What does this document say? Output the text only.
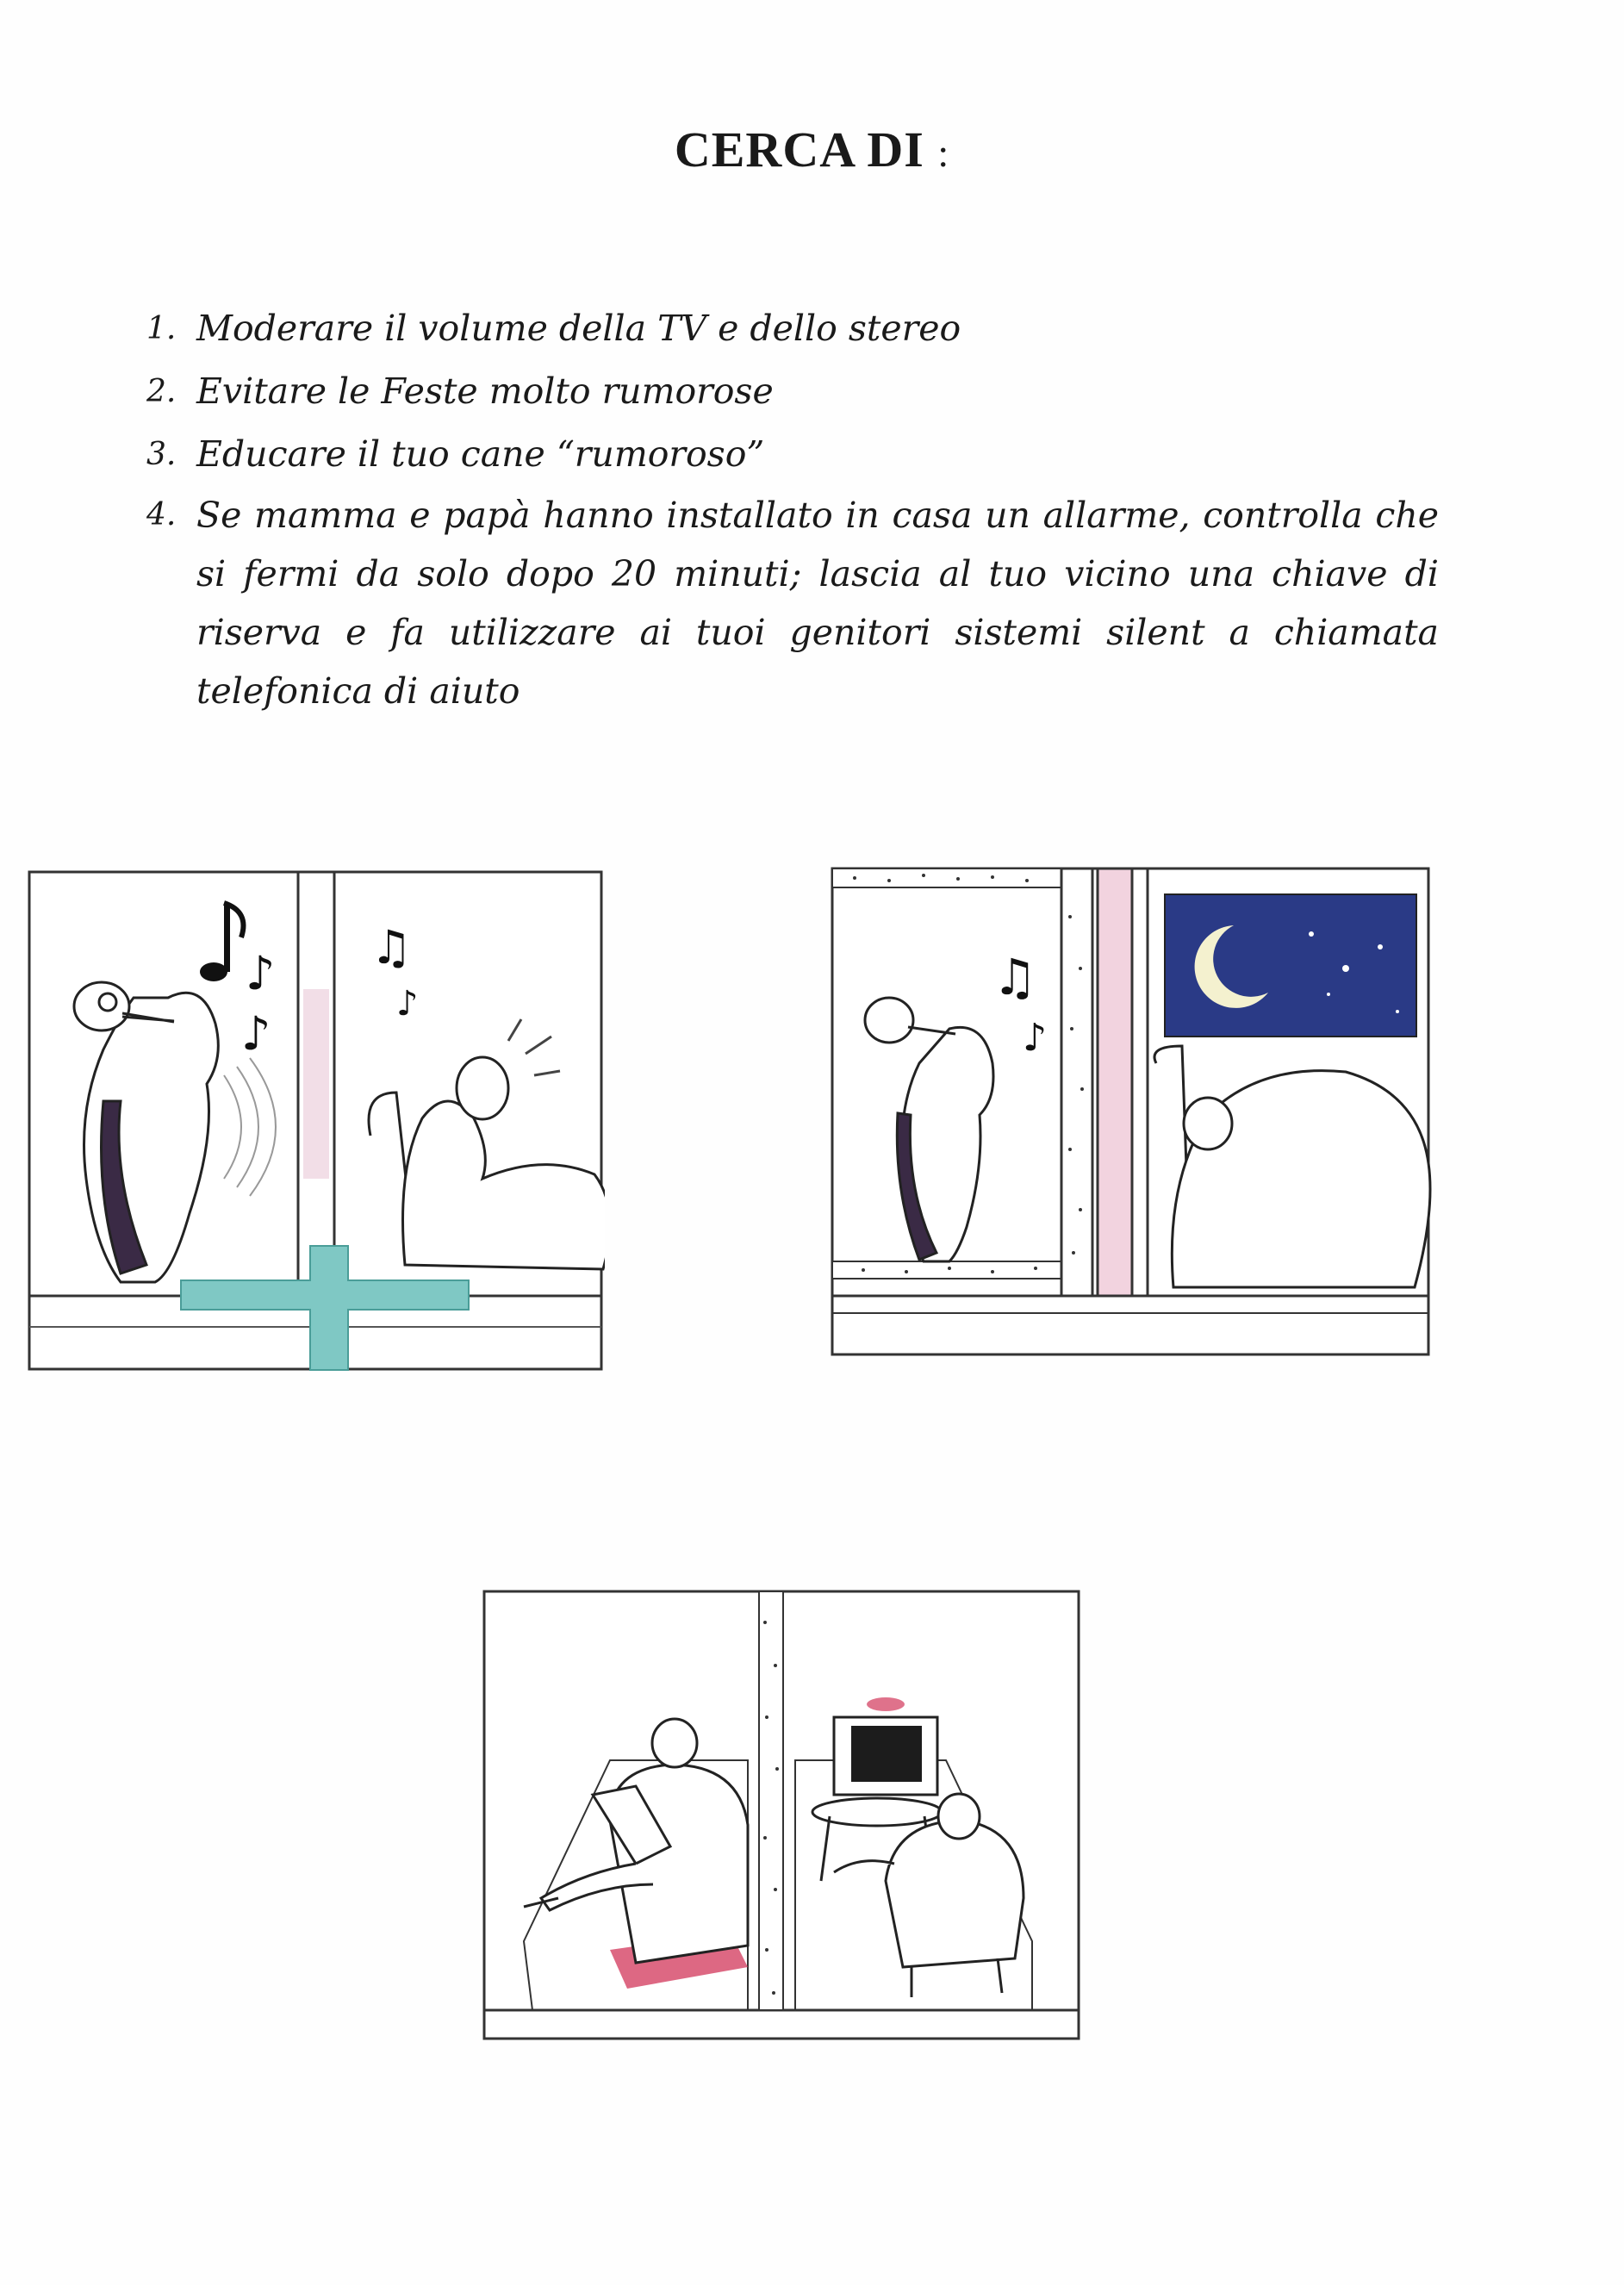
CERCA DI :
1. Moderare il volume della TV e dello stereo
2. Evitare le Feste molto rumorose
3. Educare il tuo cane “rumoroso”
4. Se mamma e papà hanno installato in casa un allarme, controlla che si fermi da solo dopo 20 minuti; lascia al tuo vicino una chiave di riserva e fa utilizzare ai tuoi genitori sistemi silent a chiamata telefonica di aiuto
♪
♪
♫
♪	♫
♪
